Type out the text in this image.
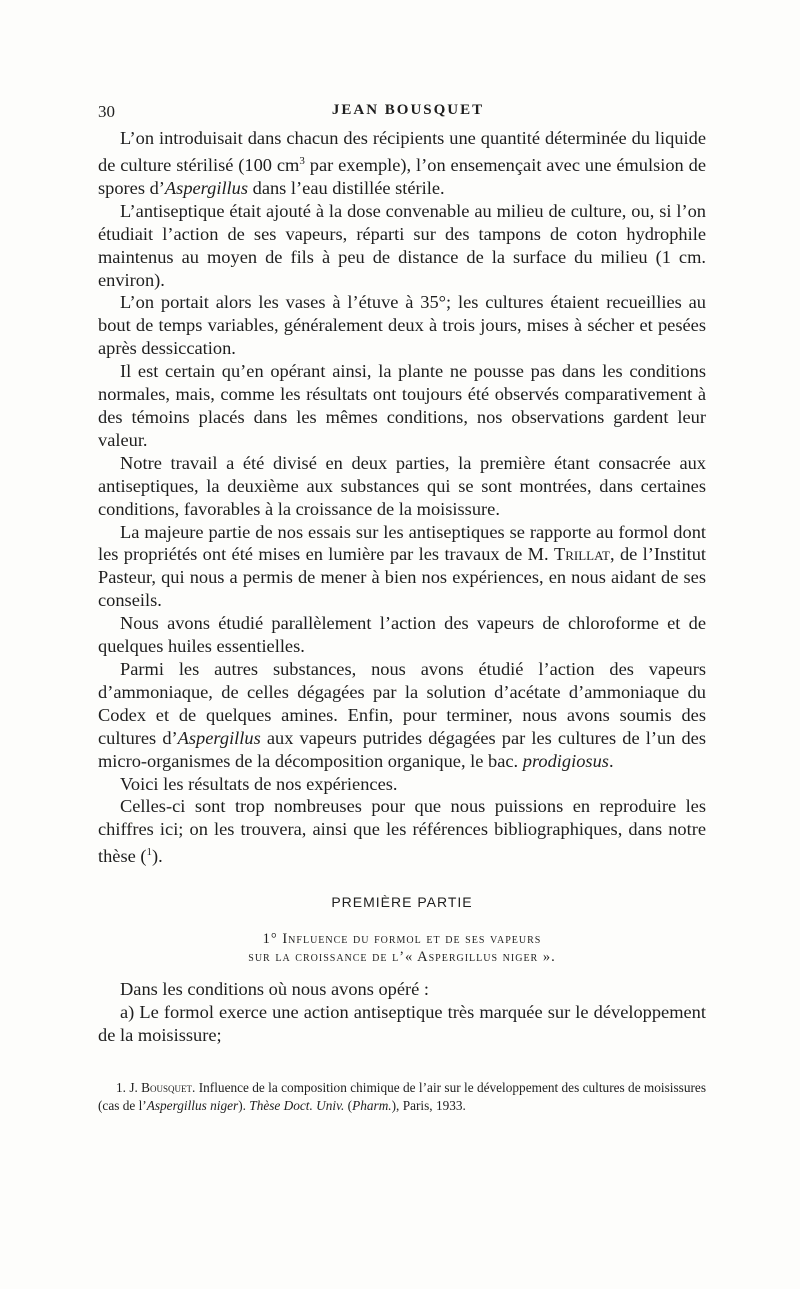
30	JEAN BOUSQUET

L’on introduisait dans chacun des récipients une quantité déterminée du liquide de culture stérilisé (100 $cm^3$ par exemple), l’on ensemençait avec une émulsion de spores d’Aspergillus dans l’eau distillée stérile.

L’antiseptique était ajouté à la dose convenable au milieu de culture, ou, si l’on étudiait l’action de ses vapeurs, réparti sur des tampons de coton hydrophile maintenus au moyen de fils à peu de distance de la surface du milieu (1 cm. environ).

L’on portait alors les vases à l’étuve à 35°; les cultures étaient recueillies au bout de temps variables, généralement deux à trois jours, mises à sécher et pesées après dessiccation.

Il est certain qu’en opérant ainsi, la plante ne pousse pas dans les conditions normales, mais, comme les résultats ont toujours été observés comparativement à des témoins placés dans les mêmes conditions, nos observations gardent leur valeur.

Notre travail a été divisé en deux parties, la première étant consacrée aux antiseptiques, la deuxième aux substances qui se sont montrées, dans certaines conditions, favorables à la croissance de la moisissure.

La majeure partie de nos essais sur les antiseptiques se rapporte au formol dont les propriétés ont été mises en lumière par les travaux de M. Trillat, de l’Institut Pasteur, qui nous a permis de mener à bien nos expériences, en nous aidant de ses conseils.

Nous avons étudié parallèlement l’action des vapeurs de chloroforme et de quelques huiles essentielles.

Parmi les autres substances, nous avons étudié l’action des vapeurs d’ammoniaque, de celles dégagées par la solution d’acétate d’ammoniaque du Codex et de quelques amines. Enfin, pour terminer, nous avons soumis des cultures d’Aspergillus aux vapeurs putrides dégagées par les cultures de l’un des micro-organismes de la décomposition organique, le bac. prodigiosus.

Voici les résultats de nos expériences.

Celles-ci sont trop nombreuses pour que nous puissions en reproduire les chiffres ici; on les trouvera, ainsi que les références bibliographiques, dans notre thèse ($^1$).

PREMIÈRE PARTIE
1° Influence du formol et de ses vapeurs
sur la croissance de l’« Aspergillus niger ».

Dans les conditions où nous avons opéré :

a) Le formol exerce une action antiseptique très marquée sur le développement de la moisissure;

1. J. Bousquet. Influence de la composition chimique de l’air sur le développement des cultures de moisissures (cas de l’Aspergillus niger). Thèse Doct. Univ. (Pharm.), Paris, 1933.
